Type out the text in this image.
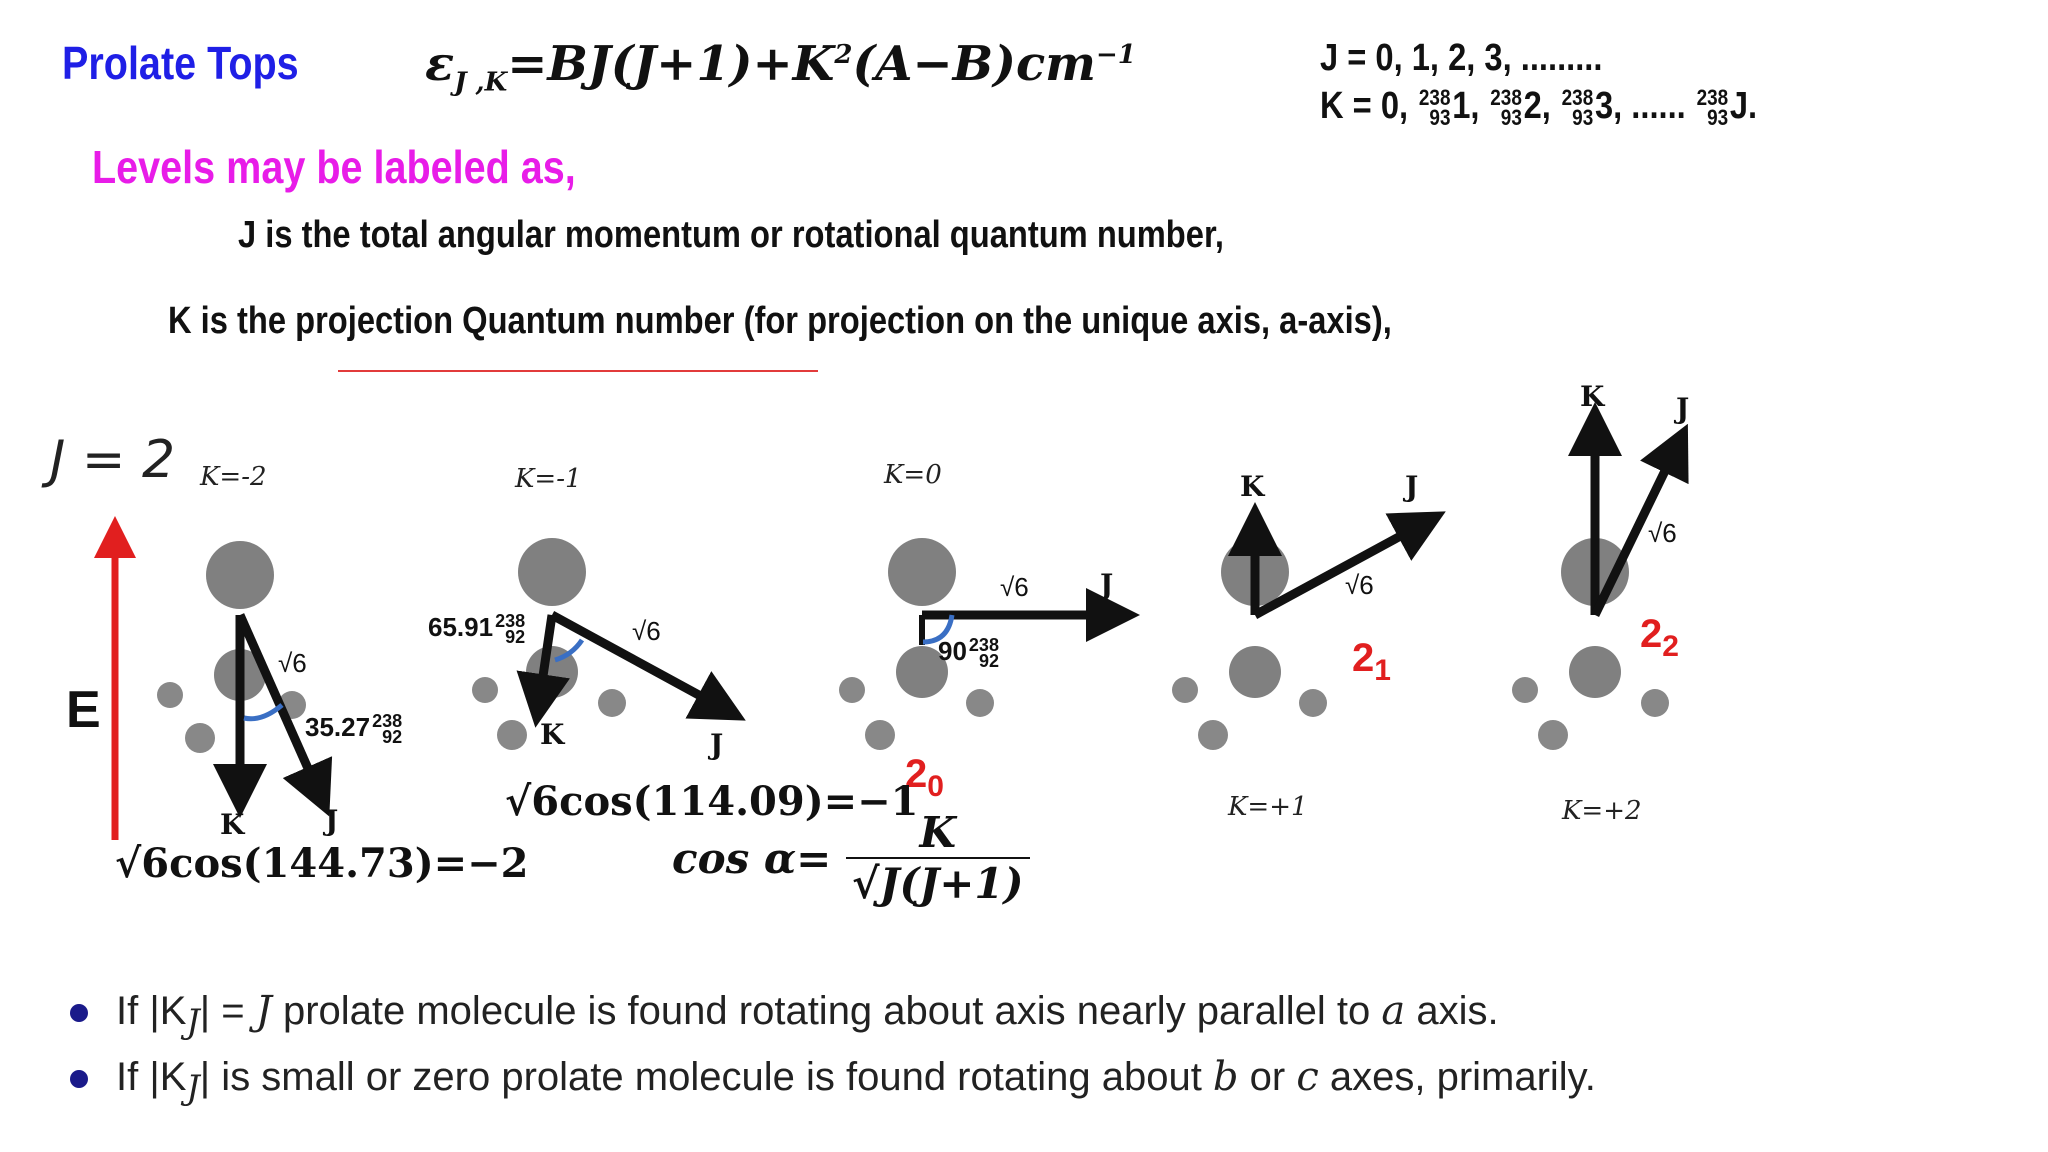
Prolate Tops	$\varepsilon_{J ,K}=BJ(J+1)+K^2(A-B)cm^{-1}$	J = 0, 1, 2, 3, .........
K = 0, 238
93 1, 238
93 2, 238
93 3, ...... 238
93 J.
Levels may be labeled as,
J is the total angular momentum or rotational quantum number,
K is the projection Quantum number (for projection on the unique axis, a-axis),
J = 2
E
K=-2	K=-1	K=0
K=+1	K=+2
K	J
K	J
J
K	J
K	J
√6
√6
√6	√6
√6
35.27 238
92
65.91 238
92	90 238
92
$2_0$
$2_1$
$2_2$
√6cos(144.73)=−2
√6cos(114.09)=−1
$\cos \alpha= \frac{K}{√J(J+1)}$
If $|K_J| = J$ prolate molecule is found rotating about axis nearly parallel to a axis.
If $|K_J|$ is small or zero prolate molecule is found rotating about b or c axes, primarily.
